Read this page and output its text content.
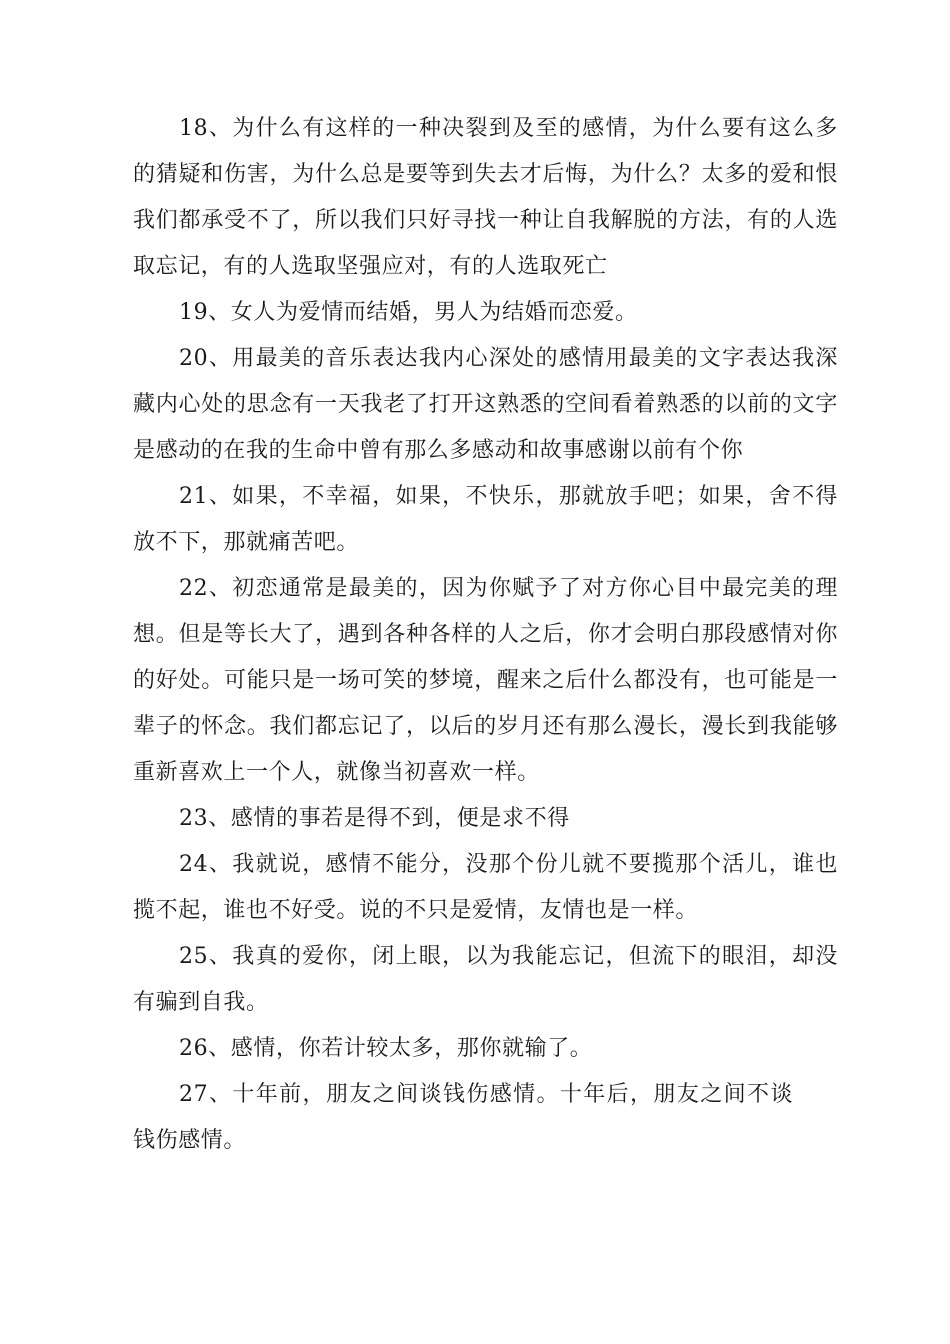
18、为什么有这样的一种决裂到及至的感情，为什么要有这么多的猜疑和伤害，为什么总是要等到失去才后悔，为什么？太多的爱和恨我们都承受不了，所以我们只好寻找一种让自我解脱的方法，有的人选取忘记，有的人选取坚强应对，有的人选取死亡

19、女人为爱情而结婚，男人为结婚而恋爱。

20、用最美的音乐表达我内心深处的感情用最美的文字表达我深藏内心处的思念有一天我老了打开这熟悉的空间看着熟悉的以前的文字是感动的在我的生命中曾有那么多感动和故事感谢以前有个你

21、如果，不幸福，如果，不快乐，那就放手吧；如果，舍不得放不下，那就痛苦吧。

22、初恋通常是最美的，因为你赋予了对方你心目中最完美的理想。但是等长大了，遇到各种各样的人之后，你才会明白那段感情对你的好处。可能只是一场可笑的梦境，醒来之后什么都没有，也可能是一辈子的怀念。我们都忘记了，以后的岁月还有那么漫长，漫长到我能够重新喜欢上一个人，就像当初喜欢一样。

23、感情的事若是得不到，便是求不得

24、我就说，感情不能分，没那个份儿就不要揽那个活儿，谁也揽不起，谁也不好受。说的不只是爱情，友情也是一样。

25、我真的爱你，闭上眼，以为我能忘记，但流下的眼泪，却没有骗到自我。

26、感情，你若计较太多，那你就输了。

27、十年前，朋友之间谈钱伤感情。十年后，朋友之间不谈钱伤感情。
